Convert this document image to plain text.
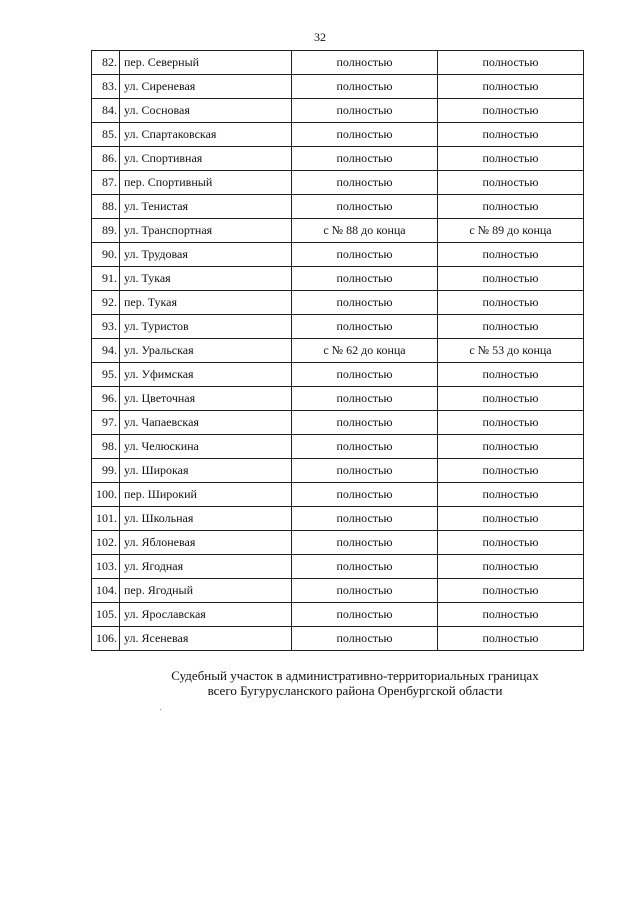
32
82.	пер. Северный	полностью	полностью
83.	ул. Сиреневая	полностью	полностью
84.	ул. Сосновая	полностью	полностью
85.	ул. Спартаковская	полностью	полностью
86.	ул. Спортивная	полностью	полностью
87.	пер. Спортивный	полностью	полностью
88.	ул. Тенистая	полностью	полностью
89.	ул. Транспортная	с № 88 до конца	с № 89 до конца
90.	ул. Трудовая	полностью	полностью
91.	ул. Тукая	полностью	полностью
92.	пер. Тукая	полностью	полностью
93.	ул. Туристов	полностью	полностью
94.	ул. Уральская	с № 62 до конца	с № 53 до конца
95.	ул. Уфимская	полностью	полностью
96.	ул. Цветочная	полностью	полностью
97.	ул. Чапаевская	полностью	полностью
98.	ул. Челюскина	полностью	полностью
99.	ул. Широкая	полностью	полностью
100.	пер. Широкий	полностью	полностью
101.	ул. Школьная	полностью	полностью
102.	ул. Яблоневая	полностью	полностью
103.	ул. Ягодная	полностью	полностью
104.	пер. Ягодный	полностью	полностью
105.	ул. Ярославская	полностью	полностью
106.	ул. Ясеневая	полностью	полностью
Судебный участок в административно-территориальных границах
всего Бугурусланского района Оренбургской области
